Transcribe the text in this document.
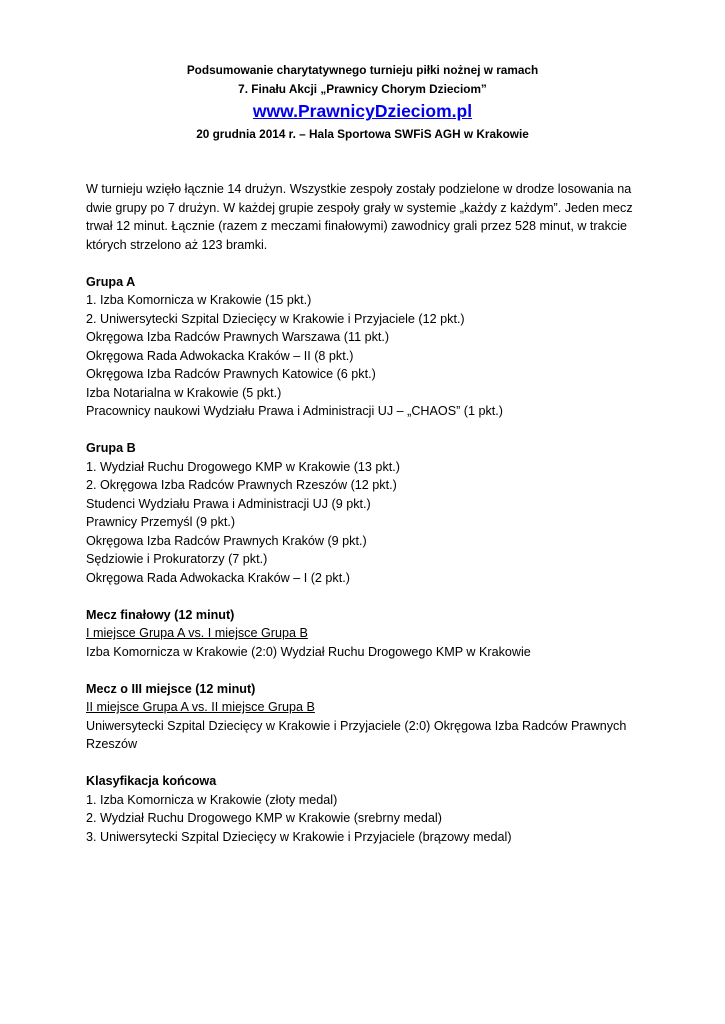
Podsumowanie charytatywnego turnieju piłki nożnej w ramach
7. Finału Akcji „Prawnicy Chorym Dzieciom”
www.PrawnicyDzieciom.pl
20 grudnia 2014 r. – Hala Sportowa SWFiS AGH w Krakowie

W turnieju wzięło łącznie 14 drużyn. Wszystkie zespoły zostały podzielone w drodze losowania na dwie grupy po 7 drużyn. W każdej grupie zespoły grały w systemie „każdy z każdym”. Jeden mecz trwał 12 minut. Łącznie (razem z meczami finałowymi) zawodnicy grali przez 528 minut, w trakcie których strzelono aż 123 bramki.

Grupa A
1. Izba Komornicza w Krakowie (15 pkt.)
2. Uniwersytecki Szpital Dziecięcy w Krakowie i Przyjaciele (12 pkt.)
Okręgowa Izba Radców Prawnych Warszawa (11 pkt.)
Okręgowa Rada Adwokacka Kraków – II (8 pkt.)
Okręgowa Izba Radców Prawnych Katowice (6 pkt.)
Izba Notarialna w Krakowie (5 pkt.)
Pracownicy naukowi Wydziału Prawa i Administracji UJ – „CHAOS” (1 pkt.)
Grupa B
1. Wydział Ruchu Drogowego KMP w Krakowie (13 pkt.)
2. Okręgowa Izba Radców Prawnych Rzeszów (12 pkt.)
Studenci Wydziału Prawa i Administracji UJ (9 pkt.)
Prawnicy Przemyśl (9 pkt.)
Okręgowa Izba Radców Prawnych Kraków (9 pkt.)
Sędziowie i Prokuratorzy (7 pkt.)
Okręgowa Rada Adwokacka Kraków – I (2 pkt.)
Mecz finałowy (12 minut)
I miejsce Grupa A vs. I miejsce Grupa B
Izba Komornicza w Krakowie (2:0) Wydział Ruchu Drogowego KMP w Krakowie
Mecz o III miejsce (12 minut)
II miejsce Grupa A vs. II miejsce Grupa B
Uniwersytecki Szpital Dziecięcy w Krakowie i Przyjaciele (2:0) Okręgowa Izba Radców Prawnych Rzeszów
Klasyfikacja końcowa
1. Izba Komornicza w Krakowie (złoty medal)
2. Wydział Ruchu Drogowego KMP w Krakowie (srebrny medal)
3. Uniwersytecki Szpital Dziecięcy w Krakowie i Przyjaciele (brązowy medal)
